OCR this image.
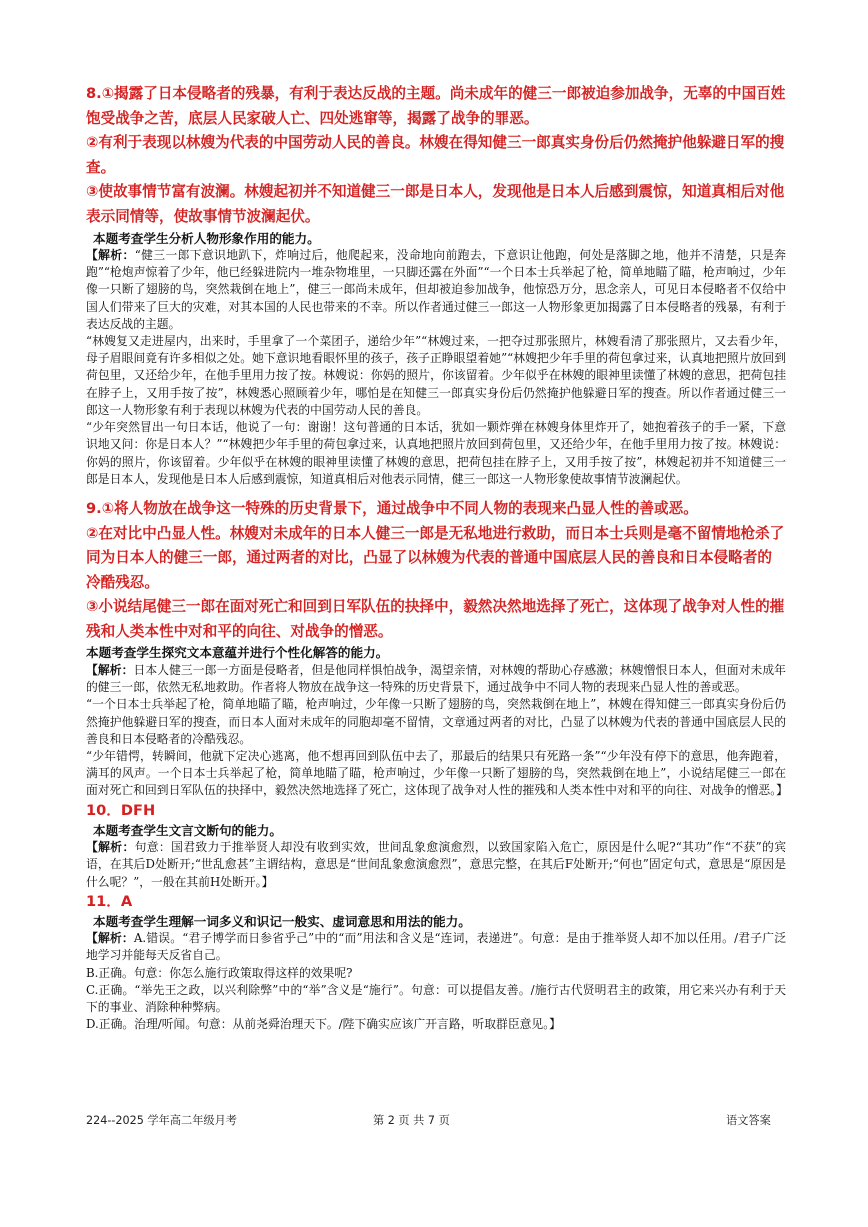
8.①揭露了日本侵略者的残暴，有利于表达反战的主题。尚未成年的健三一郎被迫参加战争，无辜的中国百姓饱受战争之苦，底层人民家破人亡、四处逃窜等，揭露了战争的罪恶。

②有利于表现以林嫂为代表的中国劳动人民的善良。林嫂在得知健三一郎真实身份后仍然掩护他躲避日军的搜查。

③使故事情节富有波澜。林嫂起初并不知道健三一郎是日本人，发现他是日本人后感到震惊，知道真相后对他表示同情等，使故事情节波澜起伏。

本题考查学生分析人物形象作用的能力。

【解析：“健三一郎下意识地趴下，炸响过后，他爬起来，没命地向前跑去，下意识让他跑，何处是落脚之地，他并不清楚，只是奔跑”“枪炮声惊着了少年，他已经躲进院内一堆杂物堆里，一只脚还露在外面”“一个日本士兵举起了枪，简单地瞄了瞄，枪声响过，少年像一只断了翅膀的鸟，突然栽倒在地上”，健三一郎尚未成年，但却被迫参加战争，他惊恐万分，思念亲人，可见日本侵略者不仅给中国人们带来了巨大的灾难，对其本国的人民也带来的不幸。所以作者通过健三一郎这一人物形象更加揭露了日本侵略者的残暴，有利于表达反战的主题。

“林嫂复又走进屋内，出来时，手里拿了一个菜团子，递给少年”“林嫂过来，一把夺过那张照片，林嫂看清了那张照片，又去看少年，母子眉眼间竟有许多相似之处。她下意识地看眼怀里的孩子，孩子正睁眼望着她”“林嫂把少年手里的荷包拿过来，认真地把照片放回到荷包里，又还给少年，在他手里用力按了按。林嫂说：你妈的照片，你该留着。少年似乎在林嫂的眼神里读懂了林嫂的意思，把荷包挂在脖子上，又用手按了按”，林嫂悉心照顾着少年，哪怕是在知健三一郎真实身份后仍然掩护他躲避日军的搜查。所以作者通过健三一郎这一人物形象有利于表现以林嫂为代表的中国劳动人民的善良。

“少年突然冒出一句日本话，他说了一句：谢谢！这句普通的日本话，犹如一颗炸弹在林嫂身体里炸开了，她抱着孩子的手一紧，下意识地又问：你是日本人？”“林嫂把少年手里的荷包拿过来，认真地把照片放回到荷包里，又还给少年，在他手里用力按了按。林嫂说：你妈的照片，你该留着。少年似乎在林嫂的眼神里读懂了林嫂的意思，把荷包挂在脖子上，又用手按了按”，林嫂起初并不知道健三一郎是日本人，发现他是日本人后感到震惊，知道真相后对他表示同情，健三一郎这一人物形象使故事情节波澜起伏。

9.①将人物放在战争这一特殊的历史背景下，通过战争中不同人物的表现来凸显人性的善或恶。

②在对比中凸显人性。林嫂对未成年的日本人健三一郎是无私地进行救助，而日本士兵则是毫不留情地枪杀了同为日本人的健三一郎，通过两者的对比，凸显了以林嫂为代表的普通中国底层人民的善良和日本侵略者的冷酷残忍。

③小说结尾健三一郎在面对死亡和回到日军队伍的抉择中，毅然决然地选择了死亡，这体现了战争对人性的摧残和人类本性中对和平的向往、对战争的憎恶。

本题考查学生探究文本意蕴并进行个性化解答的能力。

【解析：日本人健三一郎一方面是侵略者，但是他同样惧怕战争，渴望亲情，对林嫂的帮助心存感激；林嫂憎恨日本人，但面对未成年的健三一郎，依然无私地救助。作者将人物放在战争这一特殊的历史背景下，通过战争中不同人物的表现来凸显人性的善或恶。

“一个日本士兵举起了枪，简单地瞄了瞄，枪声响过，少年像一只断了翅膀的鸟，突然栽倒在地上”，林嫂在得知健三一郎真实身份后仍然掩护他躲避日军的搜查，而日本人面对未成年的同胞却毫不留情，文章通过两者的对比，凸显了以林嫂为代表的普通中国底层人民的善良和日本侵略者的冷酷残忍。

“少年错愕，转瞬间，他就下定决心逃离，他不想再回到队伍中去了，那最后的结果只有死路一条”“少年没有停下的意思，他奔跑着，满耳的风声。一个日本士兵举起了枪，简单地瞄了瞄，枪声响过，少年像一只断了翅膀的鸟，突然栽倒在地上”，小说结尾健三一郎在面对死亡和回到日军队伍的抉择中，毅然决然地选择了死亡，这体现了战争对人性的摧残和人类本性中对和平的向往、对战争的憎恶。】

10．DFH

本题考查学生文言文断句的能力。

【解析：句意：国君致力于推举贤人却没有收到实效，世间乱象愈演愈烈，以致国家陷入危亡，原因是什么呢?“其功”作“不获”的宾语，在其后D处断开;“世乱愈甚”主谓结构，意思是“世间乱象愈演愈烈”，意思完整，在其后F处断开;“何也”固定句式，意思是“原因是什么呢？”，一般在其前H处断开。】

11．A

本题考查学生理解一词多义和识记一般实、虚词意思和用法的能力。

【解析：A.错误。“君子博学而日参省乎己”中的“而”用法和含义是“连词，表递进”。句意：是由于推举贤人却不加以任用。/君子广泛地学习并能每天反省自己。

B.正确。句意：你怎么施行政策取得这样的效果呢?

C.正确。“举先王之政，以兴利除弊”中的“举”含义是“施行”。句意：可以提倡友善。/施行古代贤明君主的政策，用它来兴办有利于天下的事业、消除种种弊病。

D.正确。治理/听闻。句意：从前尧舜治理天下。/陛下确实应该广开言路，听取群臣意见。】

224--2025 学年高二年级月考	第 2 页 共 7 页	语文答案
